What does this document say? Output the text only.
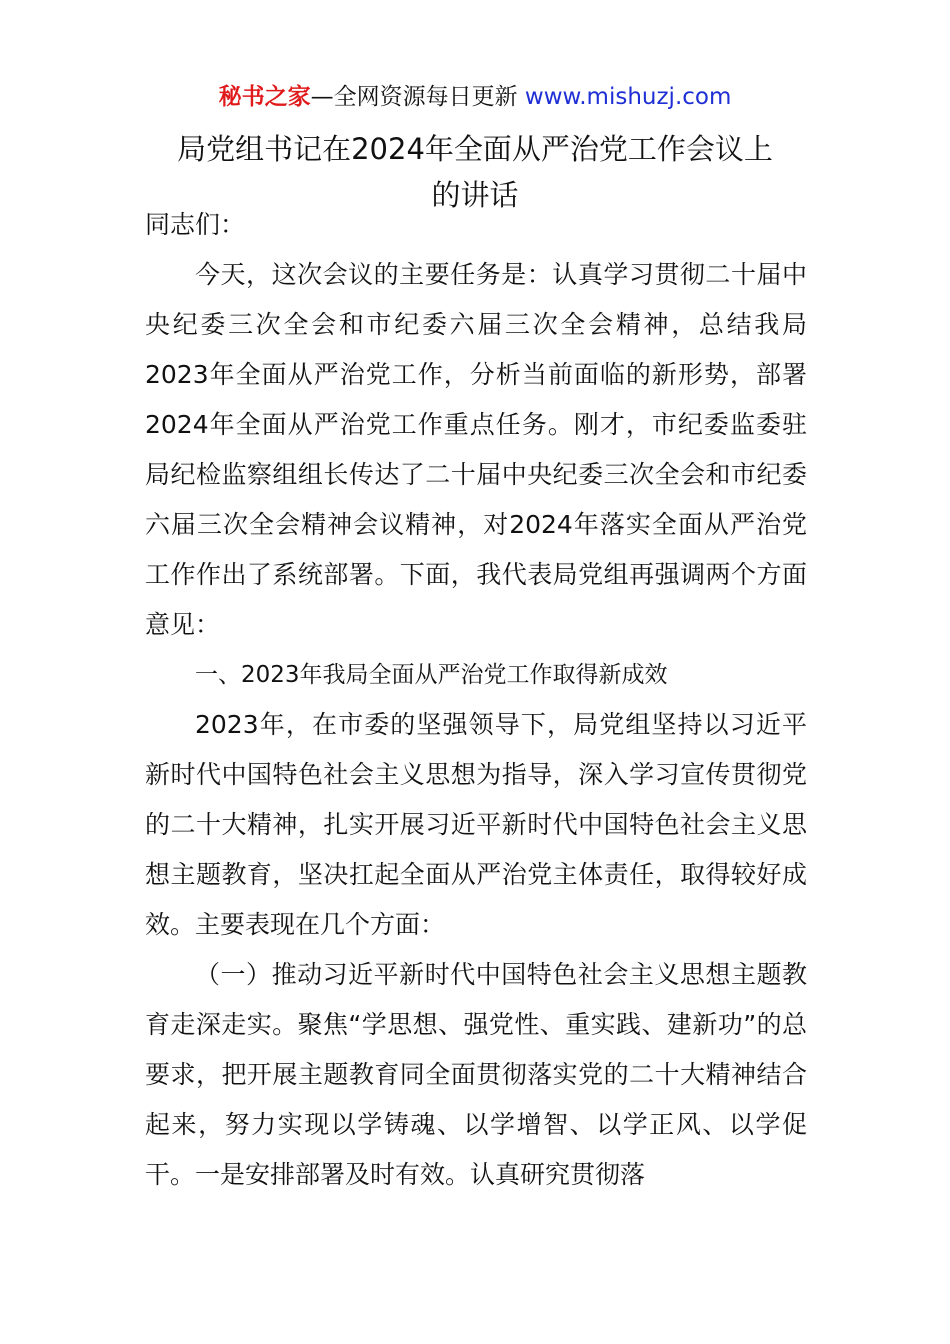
秘书之家—全网资源每日更新 www.mishuzj.com
局党组书记在2024年全面从严治党工作会议上
的讲话

同志们：

今天，这次会议的主要任务是：认真学习贯彻二十届中央纪委三次全会和市纪委六届三次全会精神，总结我局2023年全面从严治党工作，分析当前面临的新形势，部署2024年全面从严治党工作重点任务。刚才，市纪委监委驻局纪检监察组组长传达了二十届中央纪委三次全会和市纪委六届三次全会精神会议精神，对2024年落实全面从严治党工作作出了系统部署。下面，我代表局党组再强调两个方面意见：

一、2023年我局全面从严治党工作取得新成效

2023年，在市委的坚强领导下，局党组坚持以习近平新时代中国特色社会主义思想为指导，深入学习宣传贯彻党的二十大精神，扎实开展习近平新时代中国特色社会主义思想主题教育，坚决扛起全面从严治党主体责任，取得较好成效。主要表现在几个方面：

（一）推动习近平新时代中国特色社会主义思想主题教育走深走实。聚焦“学思想、强党性、重实践、建新功”的总要求，把开展主题教育同全面贯彻落实党的二十大精神结合起来，努力实现以学铸魂、以学增智、以学正风、以学促干。一是安排部署及时有效。认真研究贯彻落
